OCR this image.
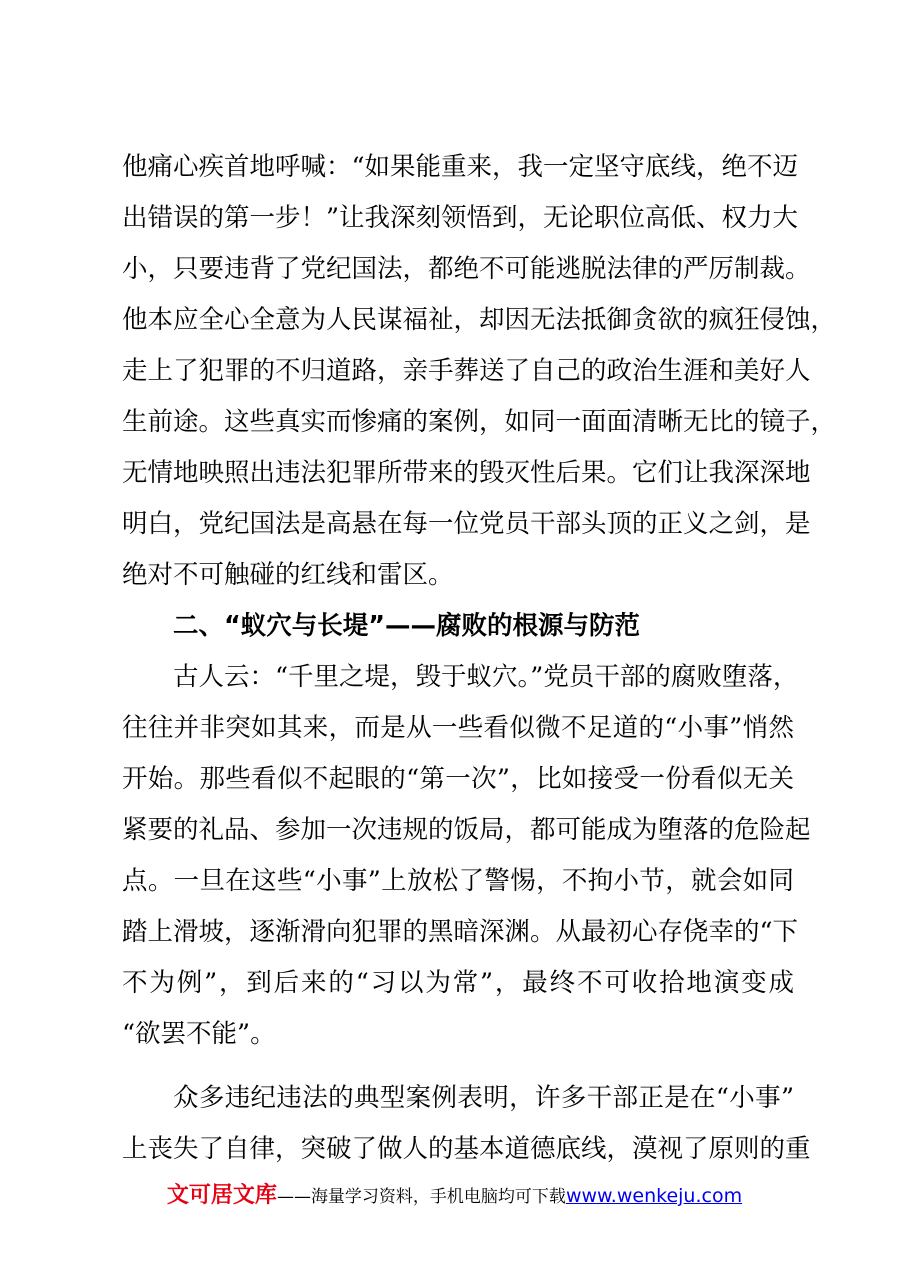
他痛心疾首地呼喊：“如果能重来，我一定坚守底线，绝不迈
出错误的第一步！”让我深刻领悟到，无论职位高低、权力大
小，只要违背了党纪国法，都绝不可能逃脱法律的严厉制裁。
他本应全心全意为人民谋福祉，却因无法抵御贪欲的疯狂侵蚀，
走上了犯罪的不归道路，亲手葬送了自己的政治生涯和美好人
生前途。这些真实而惨痛的案例，如同一面面清晰无比的镜子，
无情地映照出违法犯罪所带来的毁灭性后果。它们让我深深地
明白，党纪国法是高悬在每一位党员干部头顶的正义之剑，是
绝对不可触碰的红线和雷区。
二、“蚁穴与长堤”——腐败的根源与防范
古人云：“千里之堤，毁于蚁穴。”党员干部的腐败堕落，
往往并非突如其来，而是从一些看似微不足道的“小事”悄然
开始。那些看似不起眼的“第一次”，比如接受一份看似无关
紧要的礼品、参加一次违规的饭局，都可能成为堕落的危险起
点。一旦在这些“小事”上放松了警惕，不拘小节，就会如同
踏上滑坡，逐渐滑向犯罪的黑暗深渊。从最初心存侥幸的“下
不为例”，到后来的“习以为常”，最终不可收拾地演变成
“欲罢不能”。
众多违纪违法的典型案例表明，许多干部正是在“小事”
上丧失了自律，突破了做人的基本道德底线，漠视了原则的重
文可居文库——海量学习资料，手机电脑均可下载www.wenkeju.com
